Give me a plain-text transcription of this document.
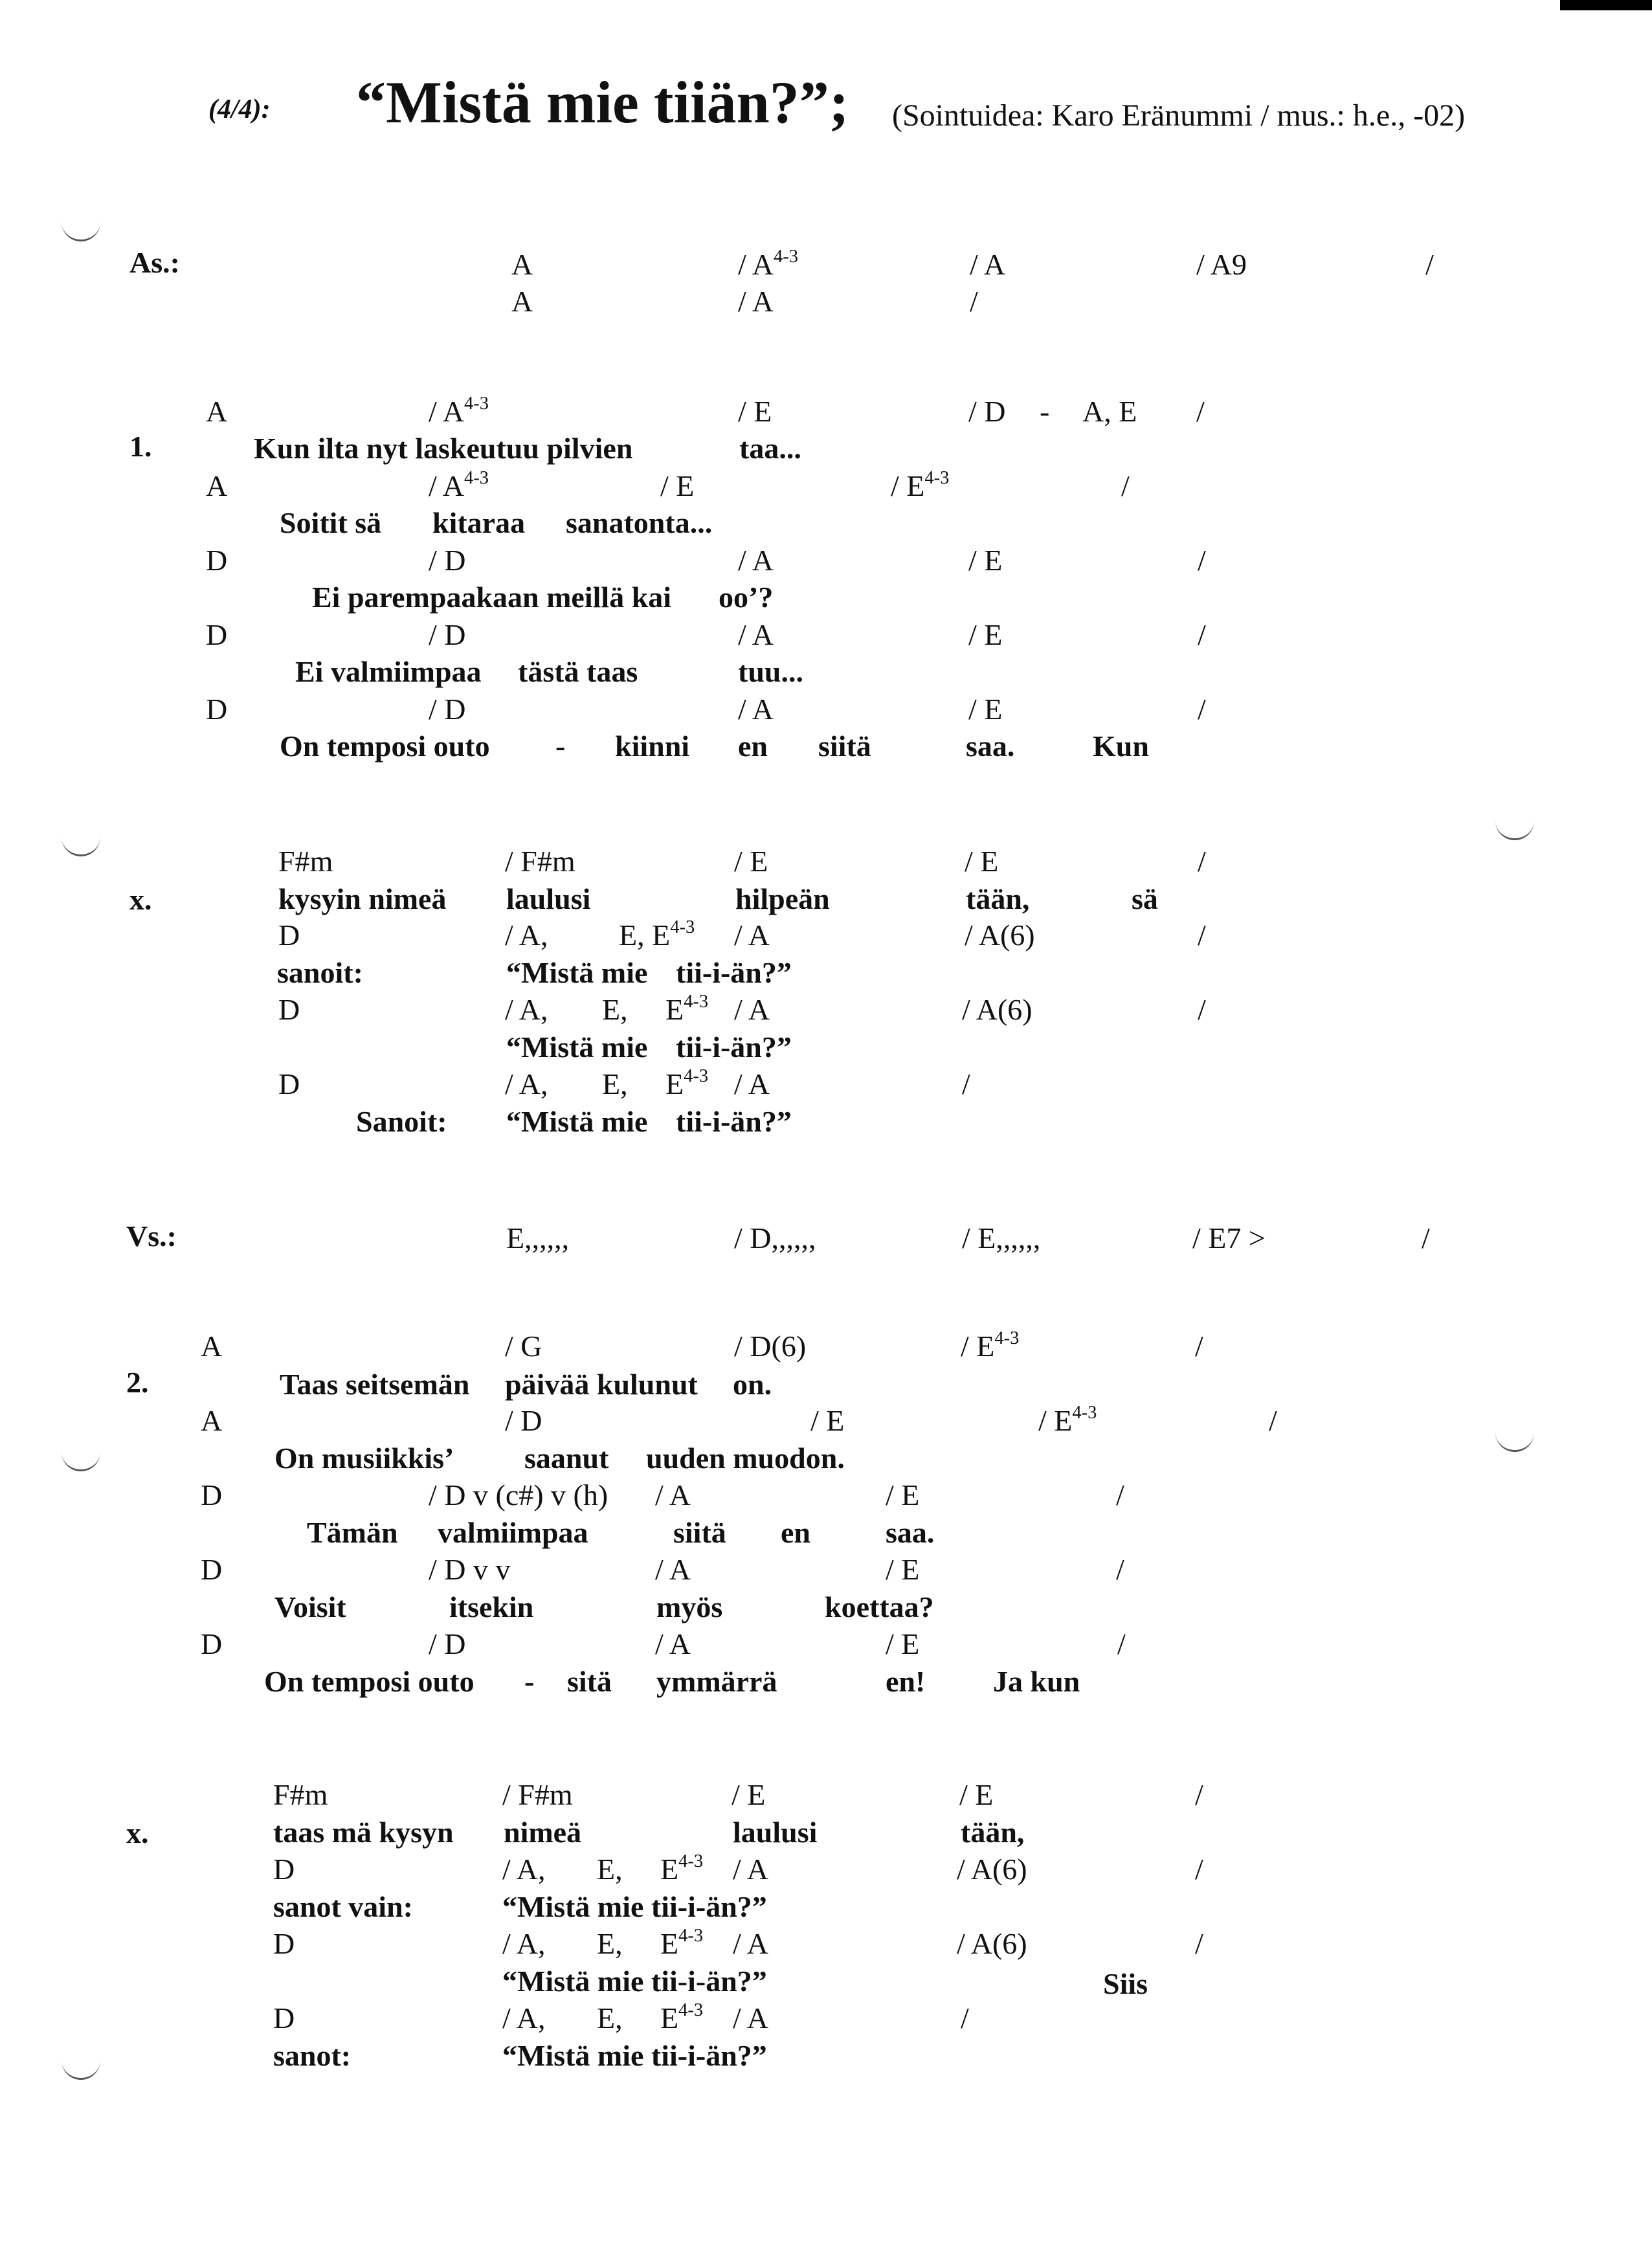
(4/4): “Mistä mie tiiän?”; (Sointuidea: Karo Eränummi / mus.: h.e., -02)
As.:	A	/ $A^{4-3}$	/ A	/ A9	/
A	/ A	/
1.
A	/ $A^{4-3}$	/ E	/ D - A, E /
Kun ilta nyt laskeutuu pilvien	taa...
A	/ $A^{4-3}$	/ E	/ $E^{4-3}$	/
Soitit sä kitaraa sanatonta...
D	/ D	/ A	/ E	/
Ei parempaakaan meillä kai oo’?
D	/ D	/ A	/ E	/
Ei valmiimpaa tästä taas	tuu...
D	/ D	/ A	/ E	/
On temposi outo - kiinni en siitä	saa.	Kun
x.
F#m	/ F#m	/ E	/ E	/
kysyin nimeä laulusi	hilpeän	tään,	sä
D	/ A, E, $E^{4-3}$ / A	/ A(6)	/
sanoit:	“Mistä mie tii-i-än?”
D	/ A, E, $E^{4-3}$ / A	/ A(6)	/
“Mistä mie tii-i-än?”
D	/ A, E, $E^{4-3}$ / A	/
Sanoit: “Mistä mie tii-i-än?”
Vs.:	E,,,,,,	/ D,,,,,,	/ E,,,,,,	/ E7 >	/
2.
A	/ G	/ D(6)	/ $E^{4-3}$	/
Taas seitsemän päivää kulunut on.
A	/ D	/ E	/ $E^{4-3}$	/
On musiikkis’ saanut uuden muodon.
D	/ D v (c#) v (h) / A	/ E	/
Tämän valmiimpaa	siitä en	saa.
D	/ D v v	/ A	/ E	/
Voisit	itsekin	myös	koettaa?
D	/ D	/ A	/ E	/
On temposi outo - sitä ymmärrä	en! Ja kun
x.
F#m	/ F#m	/ E	/ E	/
taas mä kysyn nimeä	laulusi	tään,
D	/ A, E, $E^{4-3}$ / A	/ A(6)	/
sanot vain:	“Mistä mie tii-i-än?”
D	/ A, E, $E^{4-3}$ / A	/ A(6)	/
“Mistä mie tii-i-än?”	Siis
D	/ A, E, $E^{4-3}$ / A	/
sanot:	“Mistä mie tii-i-än?”
